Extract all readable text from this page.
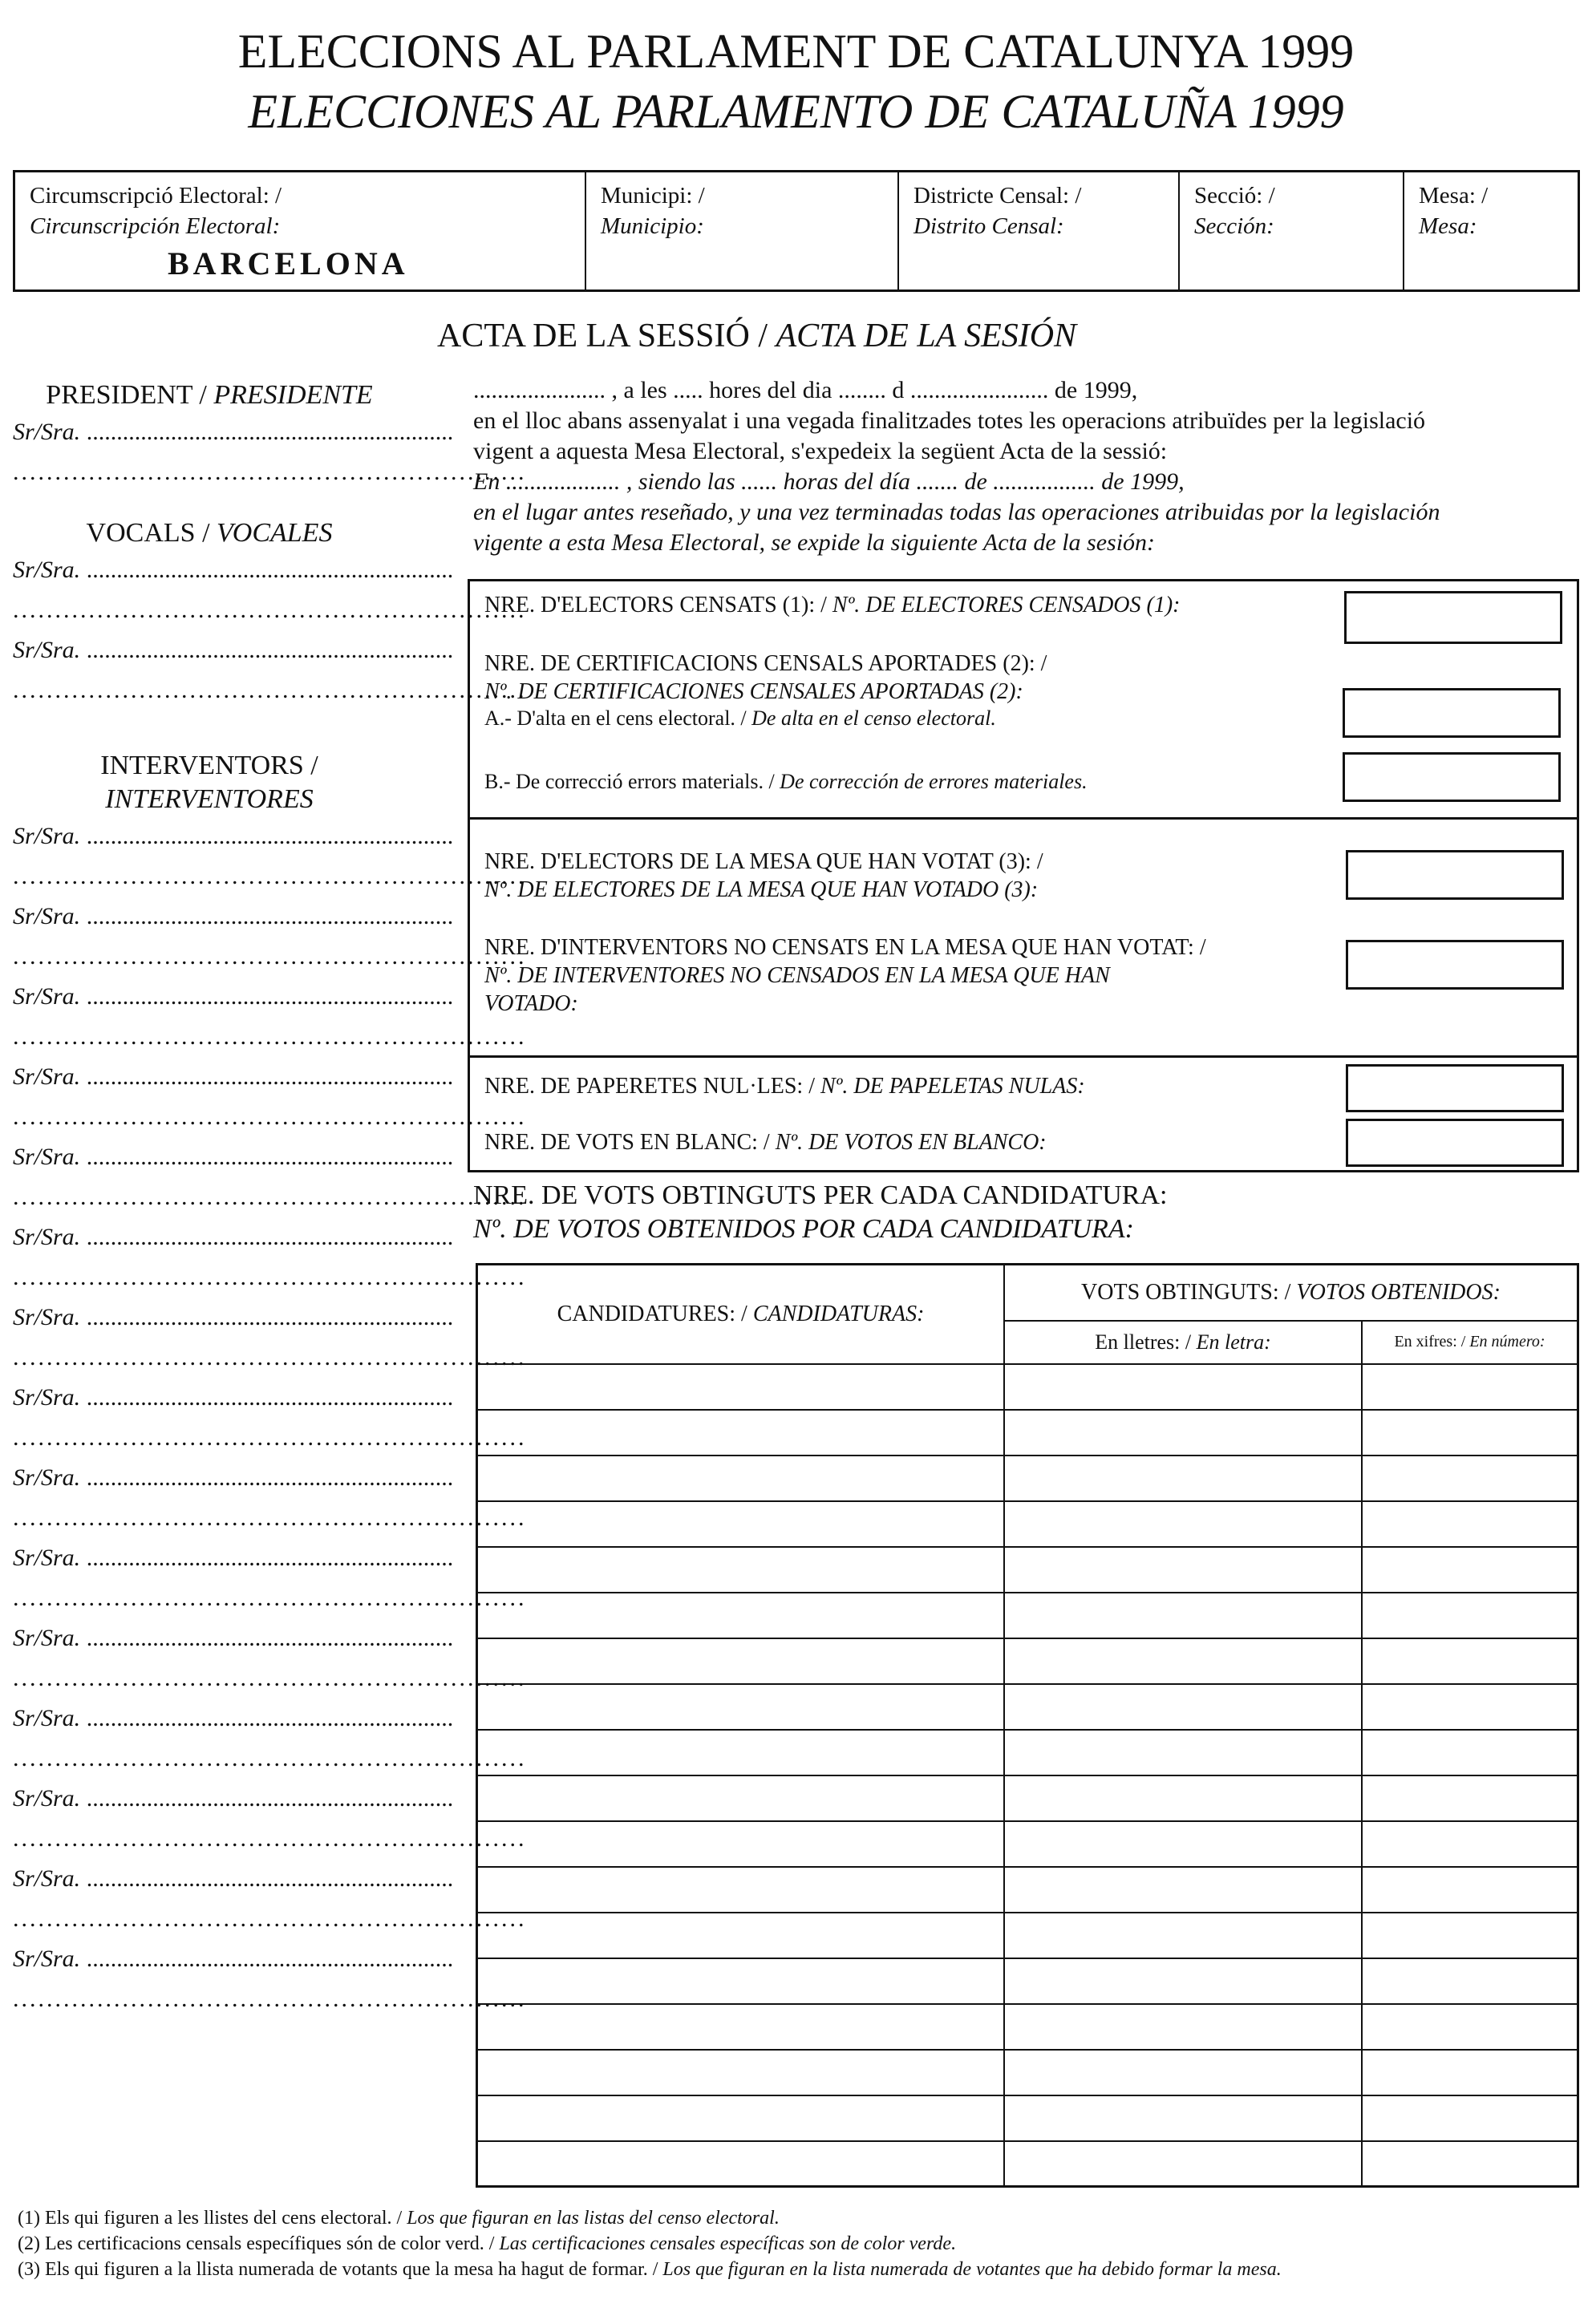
ELECCIONS AL PARLAMENT DE CATALUNYA 1999
ELECCIONES AL PARLAMENTO DE CATALUÑA 1999
Circumscripció Electoral: /
Circunscripción Electoral:
BARCELONA
Municipi: /
Municipio:
Districte Censal: /
Distrito Censal:
Secció: /
Sección:
Mesa: /
Mesa:
ACTA DE LA SESSIÓ / ACTA DE LA SESIÓN
PRESIDENT / PRESIDENTE
Sr/Sra. .............................................................
.............................................................
VOCALS / VOCALES
Sr/Sra. .............................................................
.............................................................
Sr/Sra. .............................................................
.............................................................
INTERVENTORS /
INTERVENTORES
Sr/Sra. .............................................................
.............................................................
Sr/Sra. .............................................................
.............................................................
Sr/Sra. .............................................................
.............................................................
Sr/Sra. .............................................................
.............................................................
Sr/Sra. .............................................................
.............................................................
Sr/Sra. .............................................................
.............................................................
Sr/Sra. .............................................................
.............................................................
Sr/Sra. .............................................................
.............................................................
Sr/Sra. .............................................................
.............................................................
Sr/Sra. .............................................................
.............................................................
Sr/Sra. .............................................................
.............................................................
Sr/Sra. .............................................................
.............................................................
Sr/Sra. .............................................................
.............................................................
Sr/Sra. .............................................................
.............................................................
Sr/Sra. .............................................................
.............................................................
...................... , a les ..... hores del dia ........ d ....................... de 1999,
en el lloc abans assenyalat i una vegada finalitzades totes les operacions atribuïdes per la legislació
vigent a aquesta Mesa Electoral, s'expedeix la següent Acta de la sessió:
En ................... , siendo las ...... horas del día ....... de ................. de 1999,
en el lugar antes reseñado, y una vez terminadas todas las operaciones atribuidas por la legislación
vigente a esta Mesa Electoral, se expide la siguiente Acta de la sesión:
NRE. D'ELECTORS CENSATS (1): / Nº. DE ELECTORES CENSADOS (1):
NRE. DE CERTIFICACIONS CENSALS APORTADES (2): /
Nº. DE CERTIFICACIONES CENSALES APORTADAS (2):
A.- D'alta en el cens electoral. / De alta en el censo electoral.
B.- De correcció errors materials. / De corrección de errores materiales.
NRE. D'ELECTORS DE LA MESA QUE HAN VOTAT (3): /
Nº. DE ELECTORES DE LA MESA QUE HAN VOTADO (3):
NRE. D'INTERVENTORS NO CENSATS EN LA MESA QUE HAN VOTAT: /
Nº. DE INTERVENTORES NO CENSADOS EN LA MESA QUE HAN
VOTADO:
NRE. DE PAPERETES NUL·LES: / Nº. DE PAPELETAS NULAS:
NRE. DE VOTS EN BLANC: / Nº. DE VOTOS EN BLANCO:
NRE. DE VOTS OBTINGUTS PER CADA CANDIDATURA:
Nº. DE VOTOS OBTENIDOS POR CADA CANDIDATURA:
CANDIDATURES: / CANDIDATURAS:	VOTS OBTINGUTS: / VOTOS OBTENIDOS:	
	En lletres: / En letra:	En xifres: / En número:

(1) Els qui figuren a les llistes del cens electoral. / Los que figuran en las listas del censo electoral.
(2) Les certificacions censals específiques són de color verd. / Las certificaciones censales específicas son de color verde.
(3) Els qui figuren a la llista numerada de votants que la mesa ha hagut de formar. / Los que figuran en la lista numerada de votantes que ha debido formar la mesa.
